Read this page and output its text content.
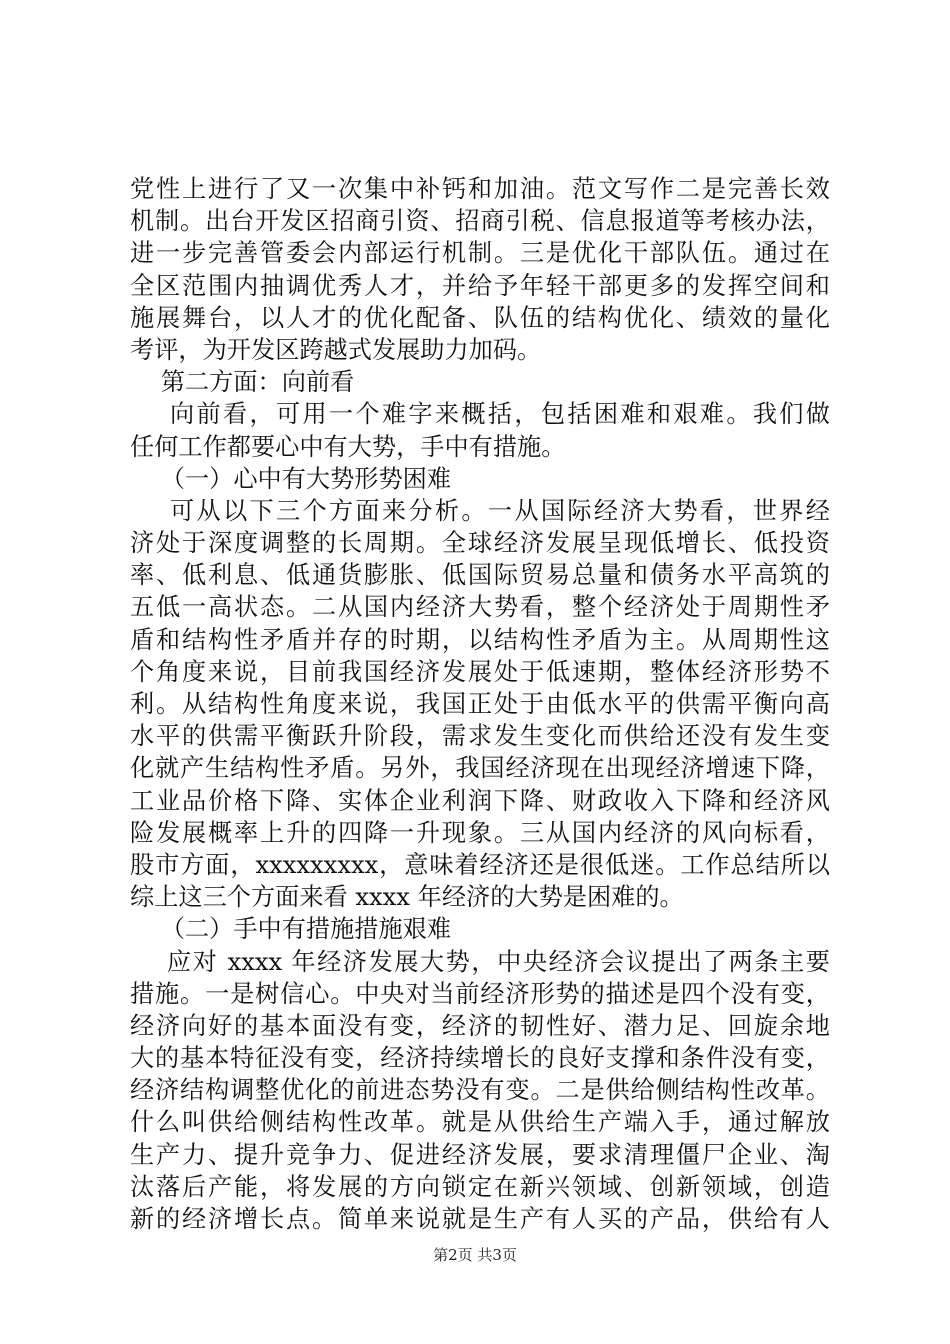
党性上进行了又一次集中补钙和加油。范文写作二是完善长效
机制。出台开发区招商引资、招商引税、信息报道等考核办法，
进一步完善管委会内部运行机制。三是优化干部队伍。通过在
全区范围内抽调优秀人才，并给予年轻干部更多的发挥空间和
施展舞台，以人才的优化配备、队伍的结构优化、绩效的量化
考评，为开发区跨越式发展助力加码。
第二方面：向前看
向前看，可用一个难字来概括，包括困难和艰难。我们做
任何工作都要心中有大势，手中有措施。
（一）心中有大势形势困难
可从以下三个方面来分析。一从国际经济大势看，世界经
济处于深度调整的长周期。全球经济发展呈现低增长、低投资
率、低利息、低通货膨胀、低国际贸易总量和债务水平高筑的
五低一高状态。二从国内经济大势看，整个经济处于周期性矛
盾和结构性矛盾并存的时期，以结构性矛盾为主。从周期性这
个角度来说，目前我国经济发展处于低速期，整体经济形势不
利。从结构性角度来说，我国正处于由低水平的供需平衡向高
水平的供需平衡跃升阶段，需求发生变化而供给还没有发生变
化就产生结构性矛盾。另外，我国经济现在出现经济增速下降，
工业品价格下降、实体企业利润下降、财政收入下降和经济风
险发展概率上升的四降一升现象。三从国内经济的风向标看，
股市方面，xxxxxxxxx，意味着经济还是很低迷。工作总结所以
综上这三个方面来看 xxxx 年经济的大势是困难的。
（二）手中有措施措施艰难
应对 xxxx 年经济发展大势，中央经济会议提出了两条主要
措施。一是树信心。中央对当前经济形势的描述是四个没有变，
经济向好的基本面没有变，经济的韧性好、潜力足、回旋余地
大的基本特征没有变，经济持续增长的良好支撑和条件没有变，
经济结构调整优化的前进态势没有变。二是供给侧结构性改革。
什么叫供给侧结构性改革。就是从供给生产端入手，通过解放
生产力、提升竞争力、促进经济发展，要求清理僵尸企业、淘
汰落后产能，将发展的方向锁定在新兴领域、创新领域，创造
新的经济增长点。简单来说就是生产有人买的产品，供给有人
第2页 共3页
